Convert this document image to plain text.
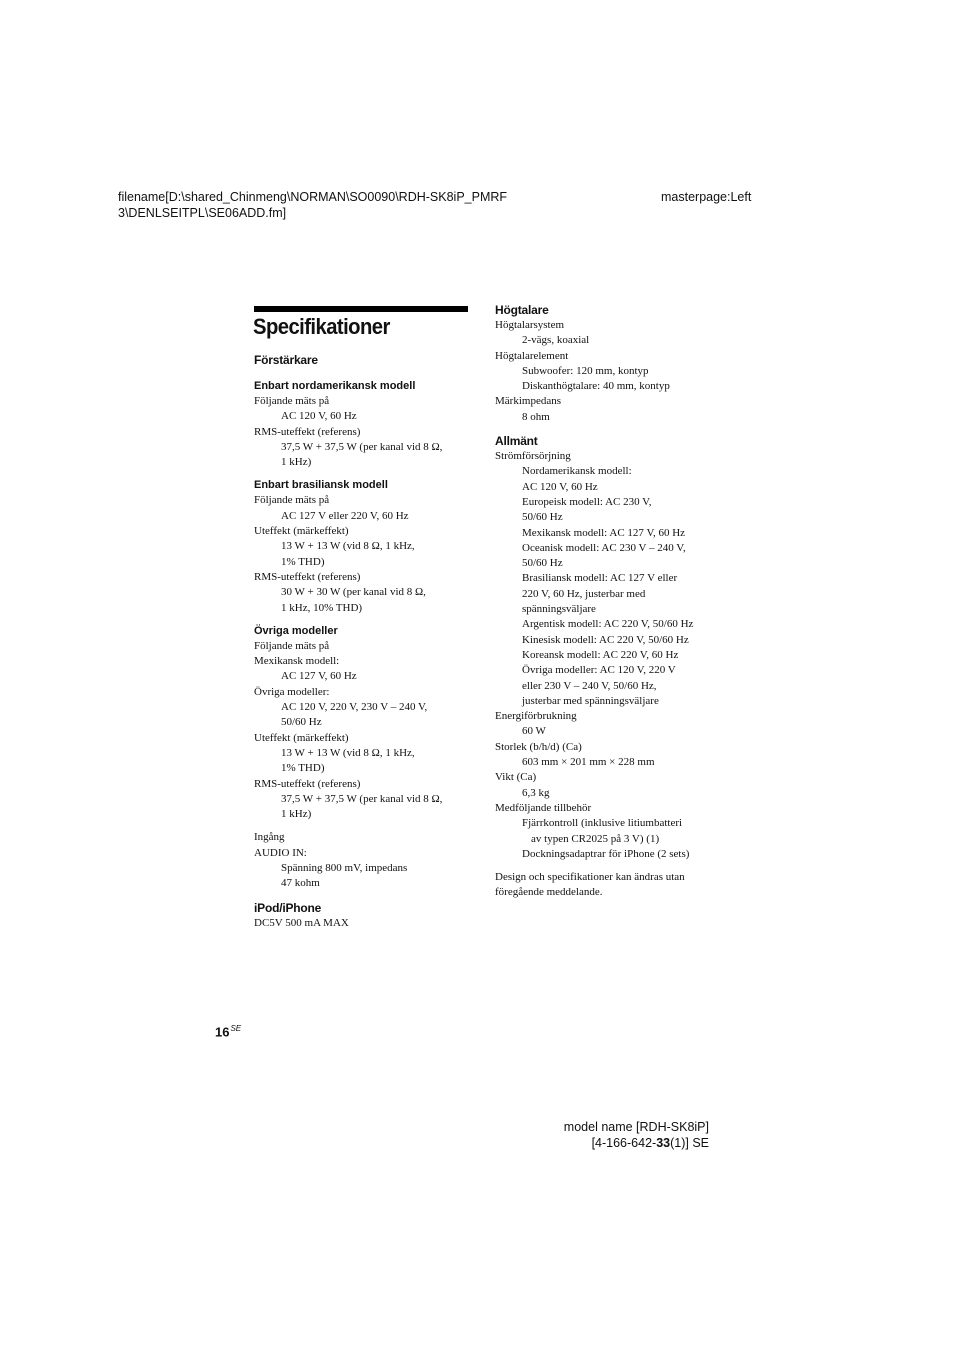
filename[D:\shared_Chinmeng\NORMAN\SO0090\RDH-SK8iP_PMRF
3\DENLSEITPL\SE06ADD.fm]
masterpage:Left
Specifikationer
Förstärkare
Enbart nordamerikansk modell
Följande mäts på
AC 120 V, 60 Hz
RMS-uteffekt (referens)
37,5 W + 37,5 W (per kanal vid 8 Ω,
1 kHz)
Enbart brasiliansk modell
Följande mäts på
AC 127 V eller 220 V, 60 Hz
Uteffekt (märkeffekt)
13 W + 13 W (vid 8 Ω, 1 kHz,
1% THD)
RMS-uteffekt (referens)
30 W + 30 W (per kanal vid 8 Ω,
1 kHz, 10% THD)
Övriga modeller
Följande mäts på
Mexikansk modell:
AC 127 V, 60 Hz
Övriga modeller:
AC 120 V, 220 V, 230 V – 240 V,
50/60 Hz
Uteffekt (märkeffekt)
13 W + 13 W (vid 8 Ω, 1 kHz,
1% THD)
RMS-uteffekt (referens)
37,5 W + 37,5 W (per kanal vid 8 Ω,
1 kHz)
Ingång
AUDIO IN:
Spänning 800 mV, impedans
47 kohm
iPod/iPhone
DC5V 500 mA MAX
Högtalare
Högtalarsystem
2-vägs, koaxial
Högtalarelement
Subwoofer: 120 mm, kontyp
Diskanthögtalare: 40 mm, kontyp
Märkimpedans
8 ohm
Allmänt
Strömförsörjning
Nordamerikansk modell:
AC 120 V, 60 Hz
Europeisk modell: AC 230 V,
50/60 Hz
Mexikansk modell: AC 127 V, 60 Hz
Oceanisk modell: AC 230 V – 240 V,
50/60 Hz
Brasiliansk modell: AC 127 V eller
220 V, 60 Hz, justerbar med
spänningsväljare
Argentisk modell: AC 220 V, 50/60 Hz
Kinesisk modell: AC 220 V, 50/60 Hz
Koreansk modell: AC 220 V, 60 Hz
Övriga modeller: AC 120 V, 220 V
eller 230 V – 240 V, 50/60 Hz,
justerbar med spänningsväljare
Energiförbrukning
60 W
Storlek (b/h/d) (Ca)
603 mm × 201 mm × 228 mm
Vikt (Ca)
6,3 kg
Medföljande tillbehör
Fjärrkontroll (inklusive litiumbatteri
av typen CR2025 på 3 V) (1)
Dockningsadaptrar för iPhone (2 sets)
Design och specifikationer kan ändras utan
föregående meddelande.
$16^{SE}$
model name [RDH-SK8iP]
[4-166-642-33(1)] SE
